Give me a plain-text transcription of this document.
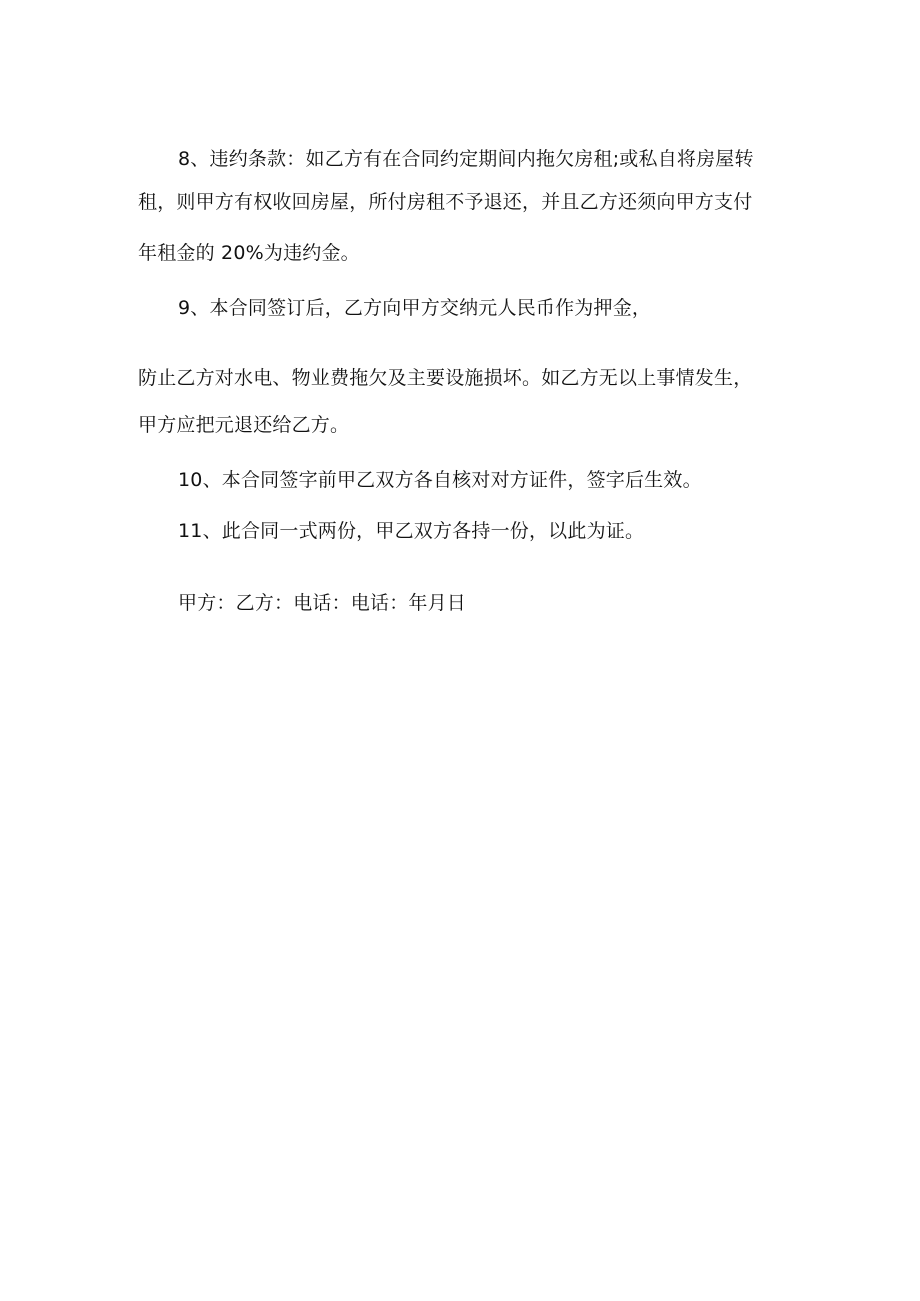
8、违约条款：如乙方有在合同约定期间内拖欠房租;或私自将房屋转
租，则甲方有权收回房屋，所付房租不予退还，并且乙方还须向甲方支付
年租金的 20%为违约金。
9、本合同签订后，乙方向甲方交纳元人民币作为押金，
防止乙方对水电、物业费拖欠及主要设施损坏。如乙方无以上事情发生，
甲方应把元退还给乙方。
10、本合同签字前甲乙双方各自核对对方证件，签字后生效。
11、此合同一式两份，甲乙双方各持一份，以此为证。
甲方：乙方：电话：电话：年月日
